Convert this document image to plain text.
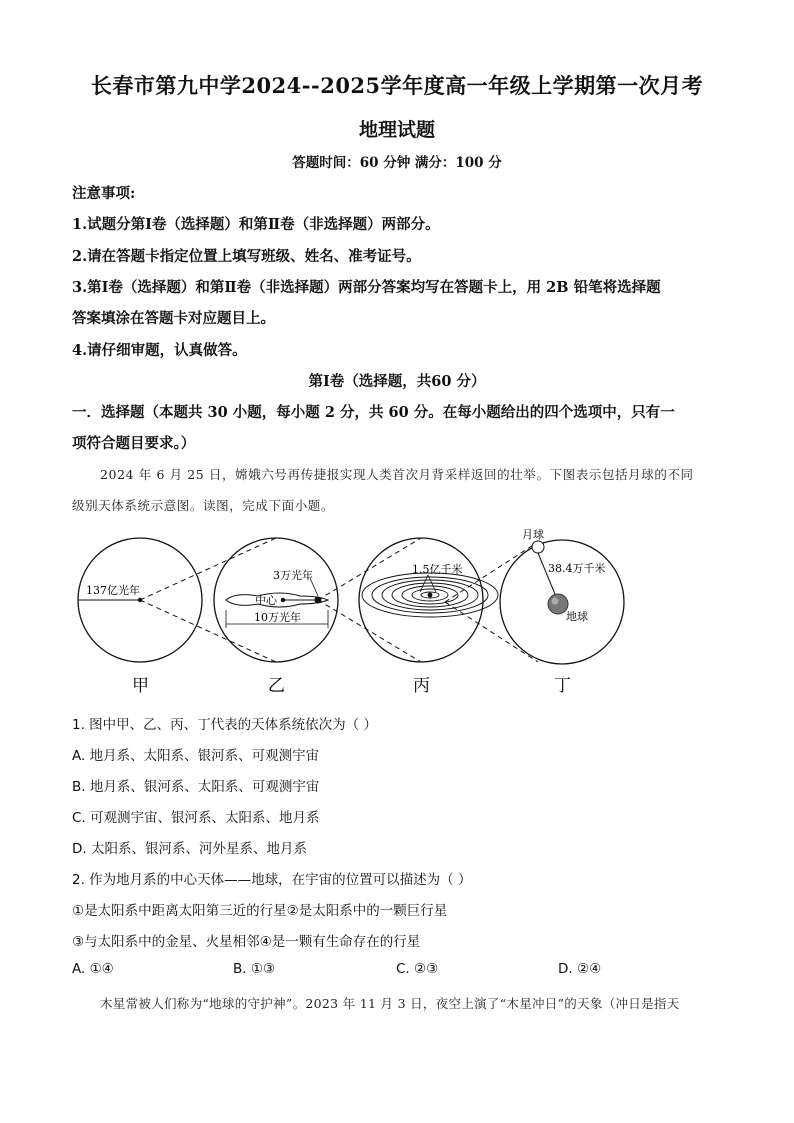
长春市第九中学2024--2025学年度高一年级上学期第一次月考
地理试题
答题时间：60 分钟 满分：100 分
注意事项:
1.试题分第Ⅰ卷（选择题）和第Ⅱ卷（非选择题）两部分。
2.请在答题卡指定位置上填写班级、姓名、准考证号。
3.第Ⅰ卷（选择题）和第Ⅱ卷（非选择题）两部分答案均写在答题卡上，用 2B 铅笔将选择题
答案填涂在答题卡对应题目上。
4.请仔细审题，认真做答。
第Ⅰ卷（选择题，共60 分）
一．选择题（本题共 30 小题，每小题 2 分，共 60 分。在每小题给出的四个选项中，只有一
项符合题目要求。）
2024 年 6 月 25 日，嫦娥六号再传捷报实现人类首次月背采样返回的壮举。下图表示包括月球的不同
级别天体系统示意图。读图，完成下面小题。
137亿光年
3万光年
中心
10万光年
1.5亿千米
月球
38.4万千米
地球
甲	乙	丙	丁
1. 图中甲、乙、丙、丁代表的天体系统依次为（ ）
A. 地月系、太阳系、银河系、可观测宇宙
B. 地月系、银河系、太阳系、可观测宇宙
C. 可观测宇宙、银河系、太阳系、地月系
D. 太阳系、银河系、河外星系、地月系
2. 作为地月系的中心天体——地球，在宇宙的位置可以描述为（ ）
①是太阳系中距离太阳第三近的行星②是太阳系中的一颗巨行星
③与太阳系中的金星、火星相邻④是一颗有生命存在的行星
A. ①④	B. ①③	C. ②③	D. ②④
木星常被人们称为“地球的守护神”。2023 年 11 月 3 日，夜空上演了“木星冲日”的天象（冲日是指天
